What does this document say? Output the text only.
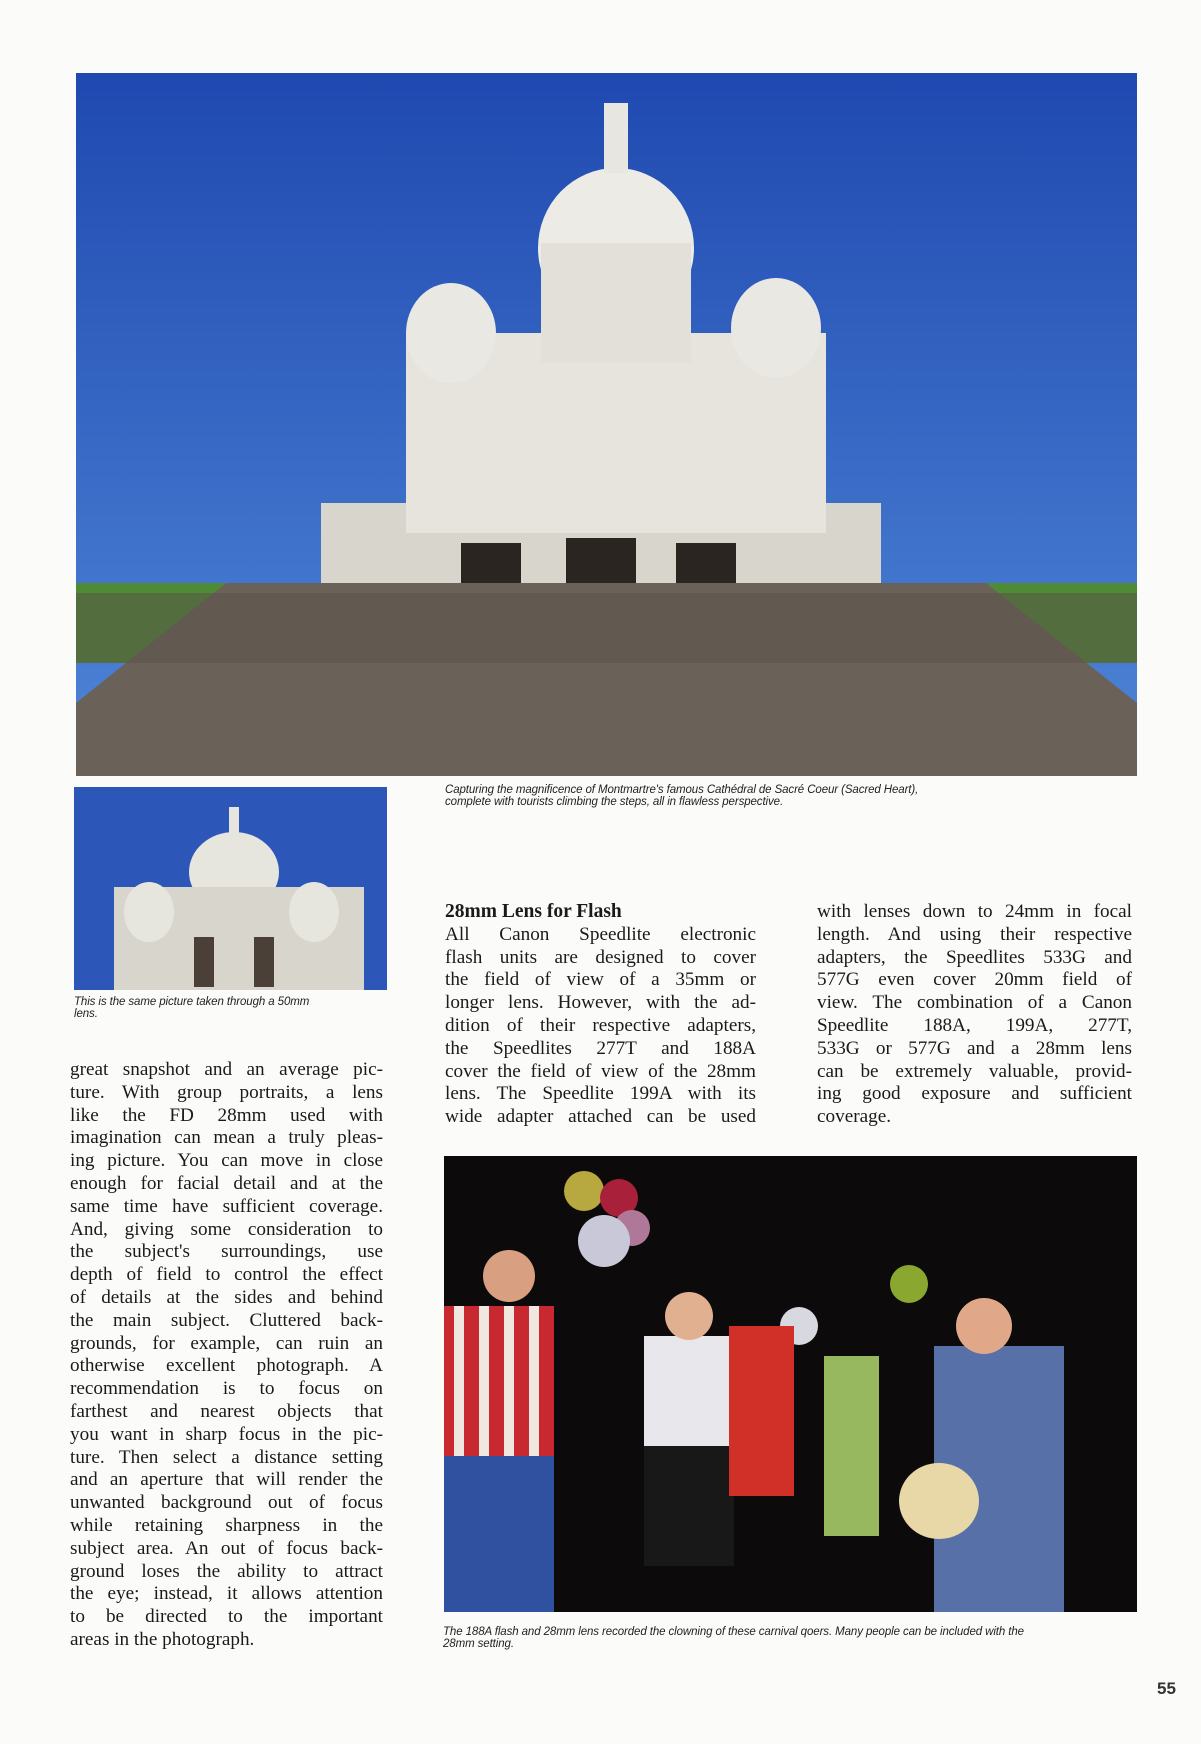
Capturing the magnificence of Montmartre's famous Cathédral de Sacré Coeur (Sacred Heart),
complete with tourists climbing the steps, all in flawless perspective.
This is the same picture taken through a 50mm
lens.
great snapshot and an average pic-
ture. With group portraits, a lens
like the FD 28mm used with
imagination can mean a truly pleas-
ing picture. You can move in close
enough for facial detail and at the
same time have sufficient coverage.
And, giving some consideration to
the subject's surroundings, use
depth of field to control the effect
of details at the sides and behind
the main subject. Cluttered back-
grounds, for example, can ruin an
otherwise excellent photograph. A
recommendation is to focus on
farthest and nearest objects that
you want in sharp focus in the pic-
ture. Then select a distance setting
and an aperture that will render the
unwanted background out of focus
while retaining sharpness in the
subject area. An out of focus back-
ground loses the ability to attract
the eye; instead, it allows attention
to be directed to the important
areas in the photograph.
28mm Lens for Flash
All Canon Speedlite electronic
flash units are designed to cover
the field of view of a 35mm or
longer lens. However, with the ad-
dition of their respective adapters,
the Speedlites 277T and 188A
cover the field of view of the 28mm
lens. The Speedlite 199A with its
wide adapter attached can be used
with lenses down to 24mm in focal
length. And using their respective
adapters, the Speedlites 533G and
577G even cover 20mm field of
view. The combination of a Canon
Speedlite 188A, 199A, 277T,
533G or 577G and a 28mm lens
can be extremely valuable, provid-
ing good exposure and sufficient
coverage.
The 188A flash and 28mm lens recorded the clowning of these carnival qoers. Many people can be included with the
28mm setting.
55
